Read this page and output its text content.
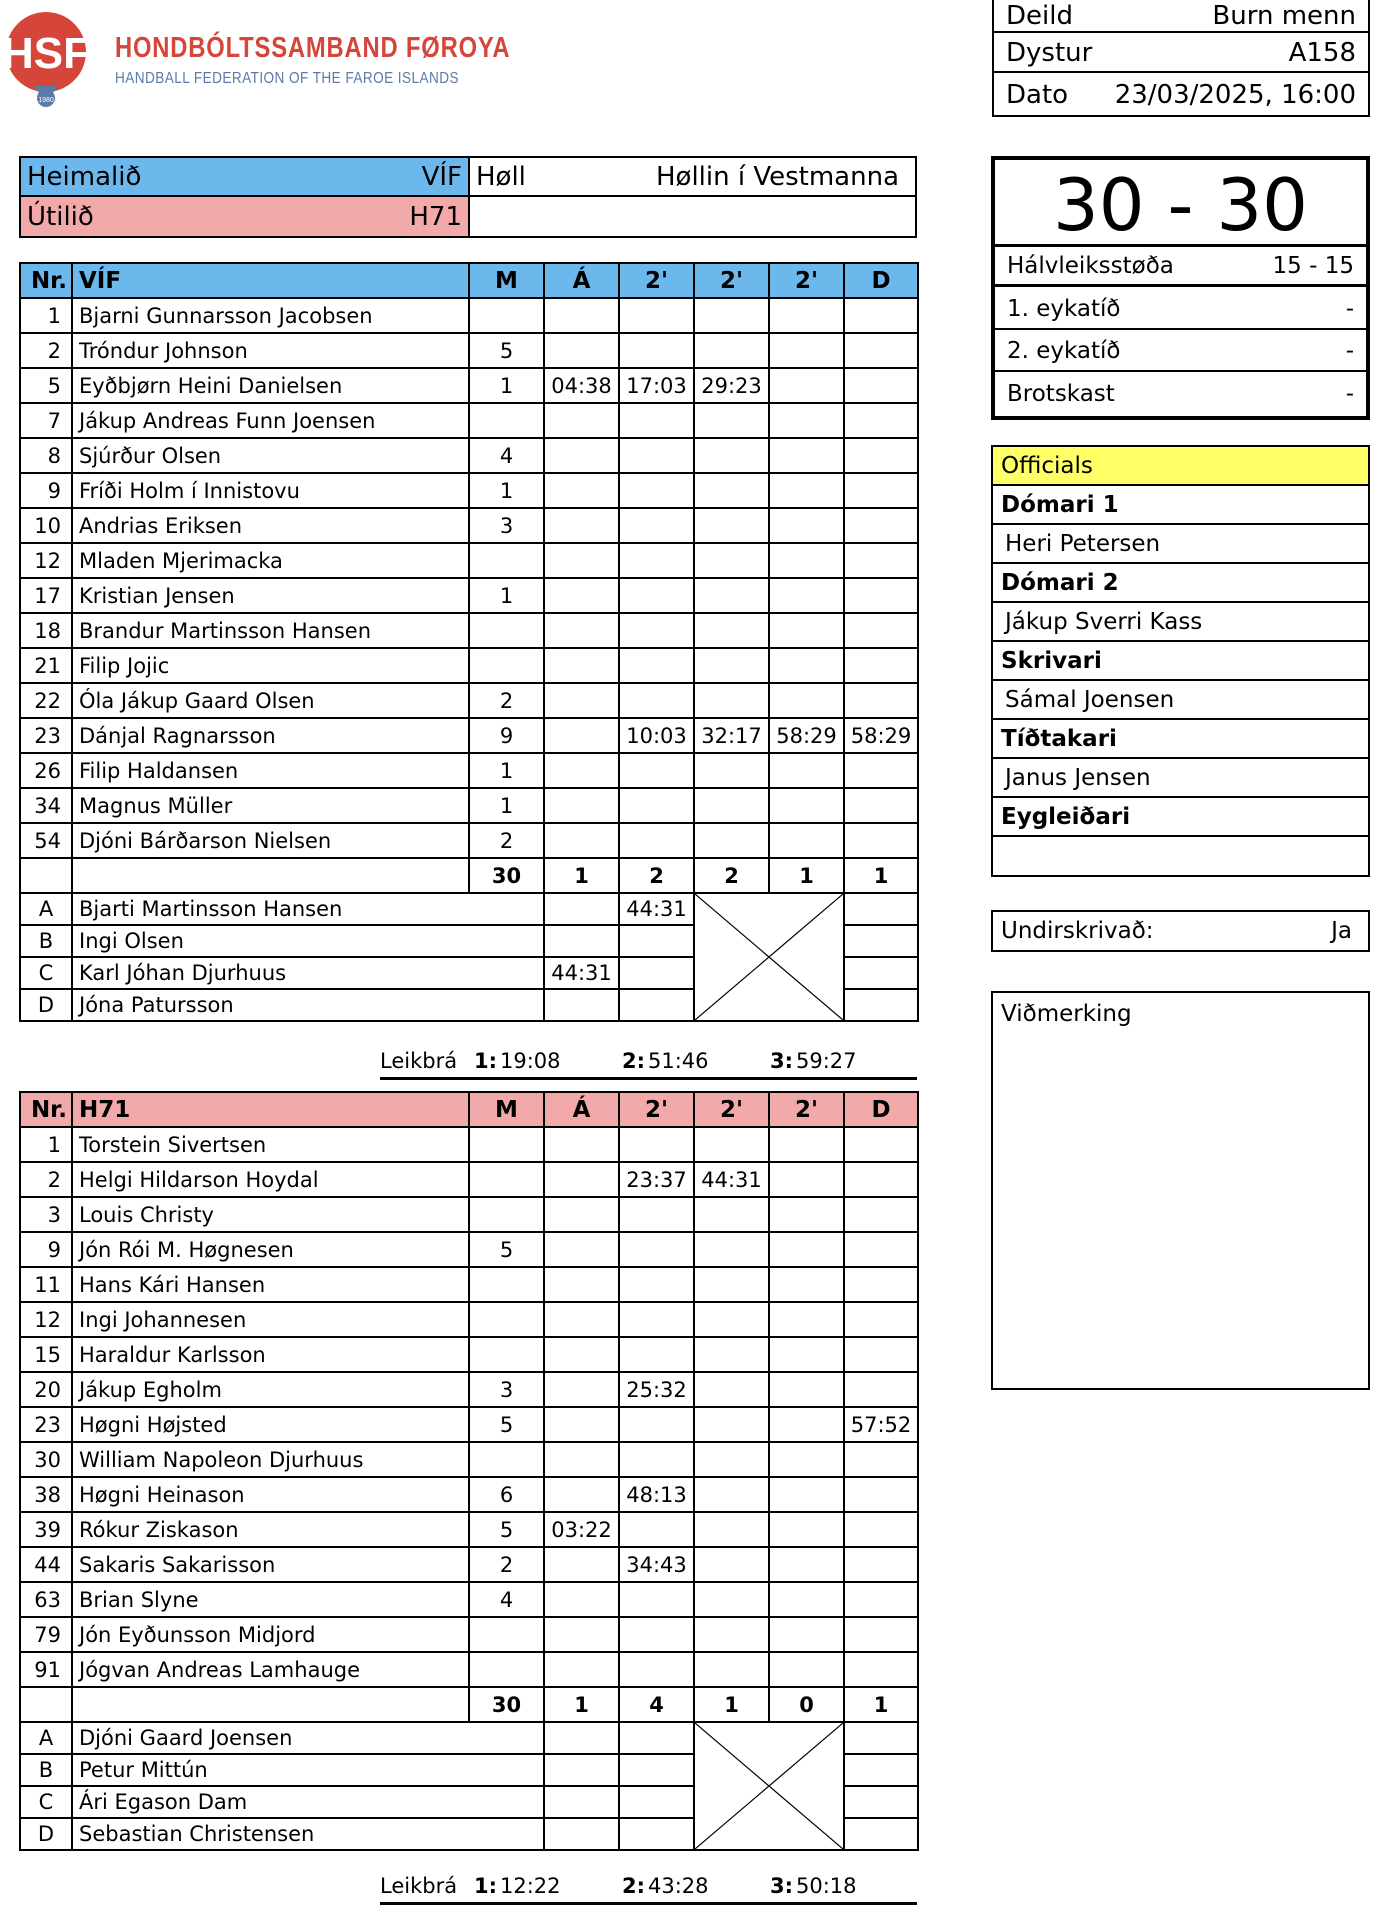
HSF
1980
HONDBÓLTSSAMBAND FØROYA
HANDBALL FEDERATION OF THE FAROE ISLANDS
Deild	Burn menn
Dystur	A158
Dato 23/03/2025, 16:00
Heimalið	VÍF
Útilið	H71
Høll	Høllin í Vestmanna
Nr.	VÍF	M	Á	2'	2'	2'	D
1	Bjarni Gunnarsson Jacobsen						
2	Tróndur Johnson	5					
5	Eyðbjørn Heini Danielsen	1	04:38	17:03	29:23		
7	Jákup Andreas Funn Joensen						
8	Sjúrður Olsen	4					
9	Fríði Holm í Innistovu	1					
10	Andrias Eriksen	3					
12	Mladen Mjerimacka						
17	Kristian Jensen	1					
18	Brandur Martinsson Hansen						
21	Filip Jojic						
22	Óla Jákup Gaard Olsen	2					
23	Dánjal Ragnarsson	9		10:03	32:17	58:29	58:29
26	Filip Haldansen	1					
34	Magnus Müller	1					
54	Djóni Bárðarson Nielsen	2					
		30	1	2	2	1	1
A	Bjarti Martinsson Hansen			44:31	

B	Ingi Olsen						
C	Karl Jóhan Djurhuus		44:31				
D	Jóna Patursson						
Leikbrá 1: 19:08	2: 51:46	3: 59:27
Nr.	H71	M	Á	2'	2'	2'	D
1	Torstein Sivertsen						
2	Helgi Hildarson Hoydal			23:37	44:31		
3	Louis Christy						
9	Jón Rói M. Høgnesen	5					
11	Hans Kári Hansen						
12	Ingi Johannesen						
15	Haraldur Karlsson						
20	Jákup Egholm	3		25:32			
23	Høgni Højsted	5					57:52
30	William Napoleon Djurhuus						
38	Høgni Heinason	6		48:13			
39	Rókur Ziskason	5	03:22				
44	Sakaris Sakarisson	2		34:43			
63	Brian Slyne	4					
79	Jón Eyðunsson Midjord						
91	Jógvan Andreas Lamhauge						
		30	1	4	1	0	1
A	Djóni Gaard Joensen				

B	Petur Mittún						
C	Ári Egason Dam						
D	Sebastian Christensen						
Leikbrá 1: 12:22	2: 43:28	3: 50:18
30 - 30
Hálvleiksstøða	15 - 15
1. eykatíð	-
2. eykatíð	-
Brotskast	-
Officials
Dómari 1
Heri Petersen
Dómari 2
Jákup Sverri Kass
Skrivari
Sámal Joensen
Tíðtakari
Janus Jensen
Eygleiðari
Undirskrivað:	Ja
Viðmerking
